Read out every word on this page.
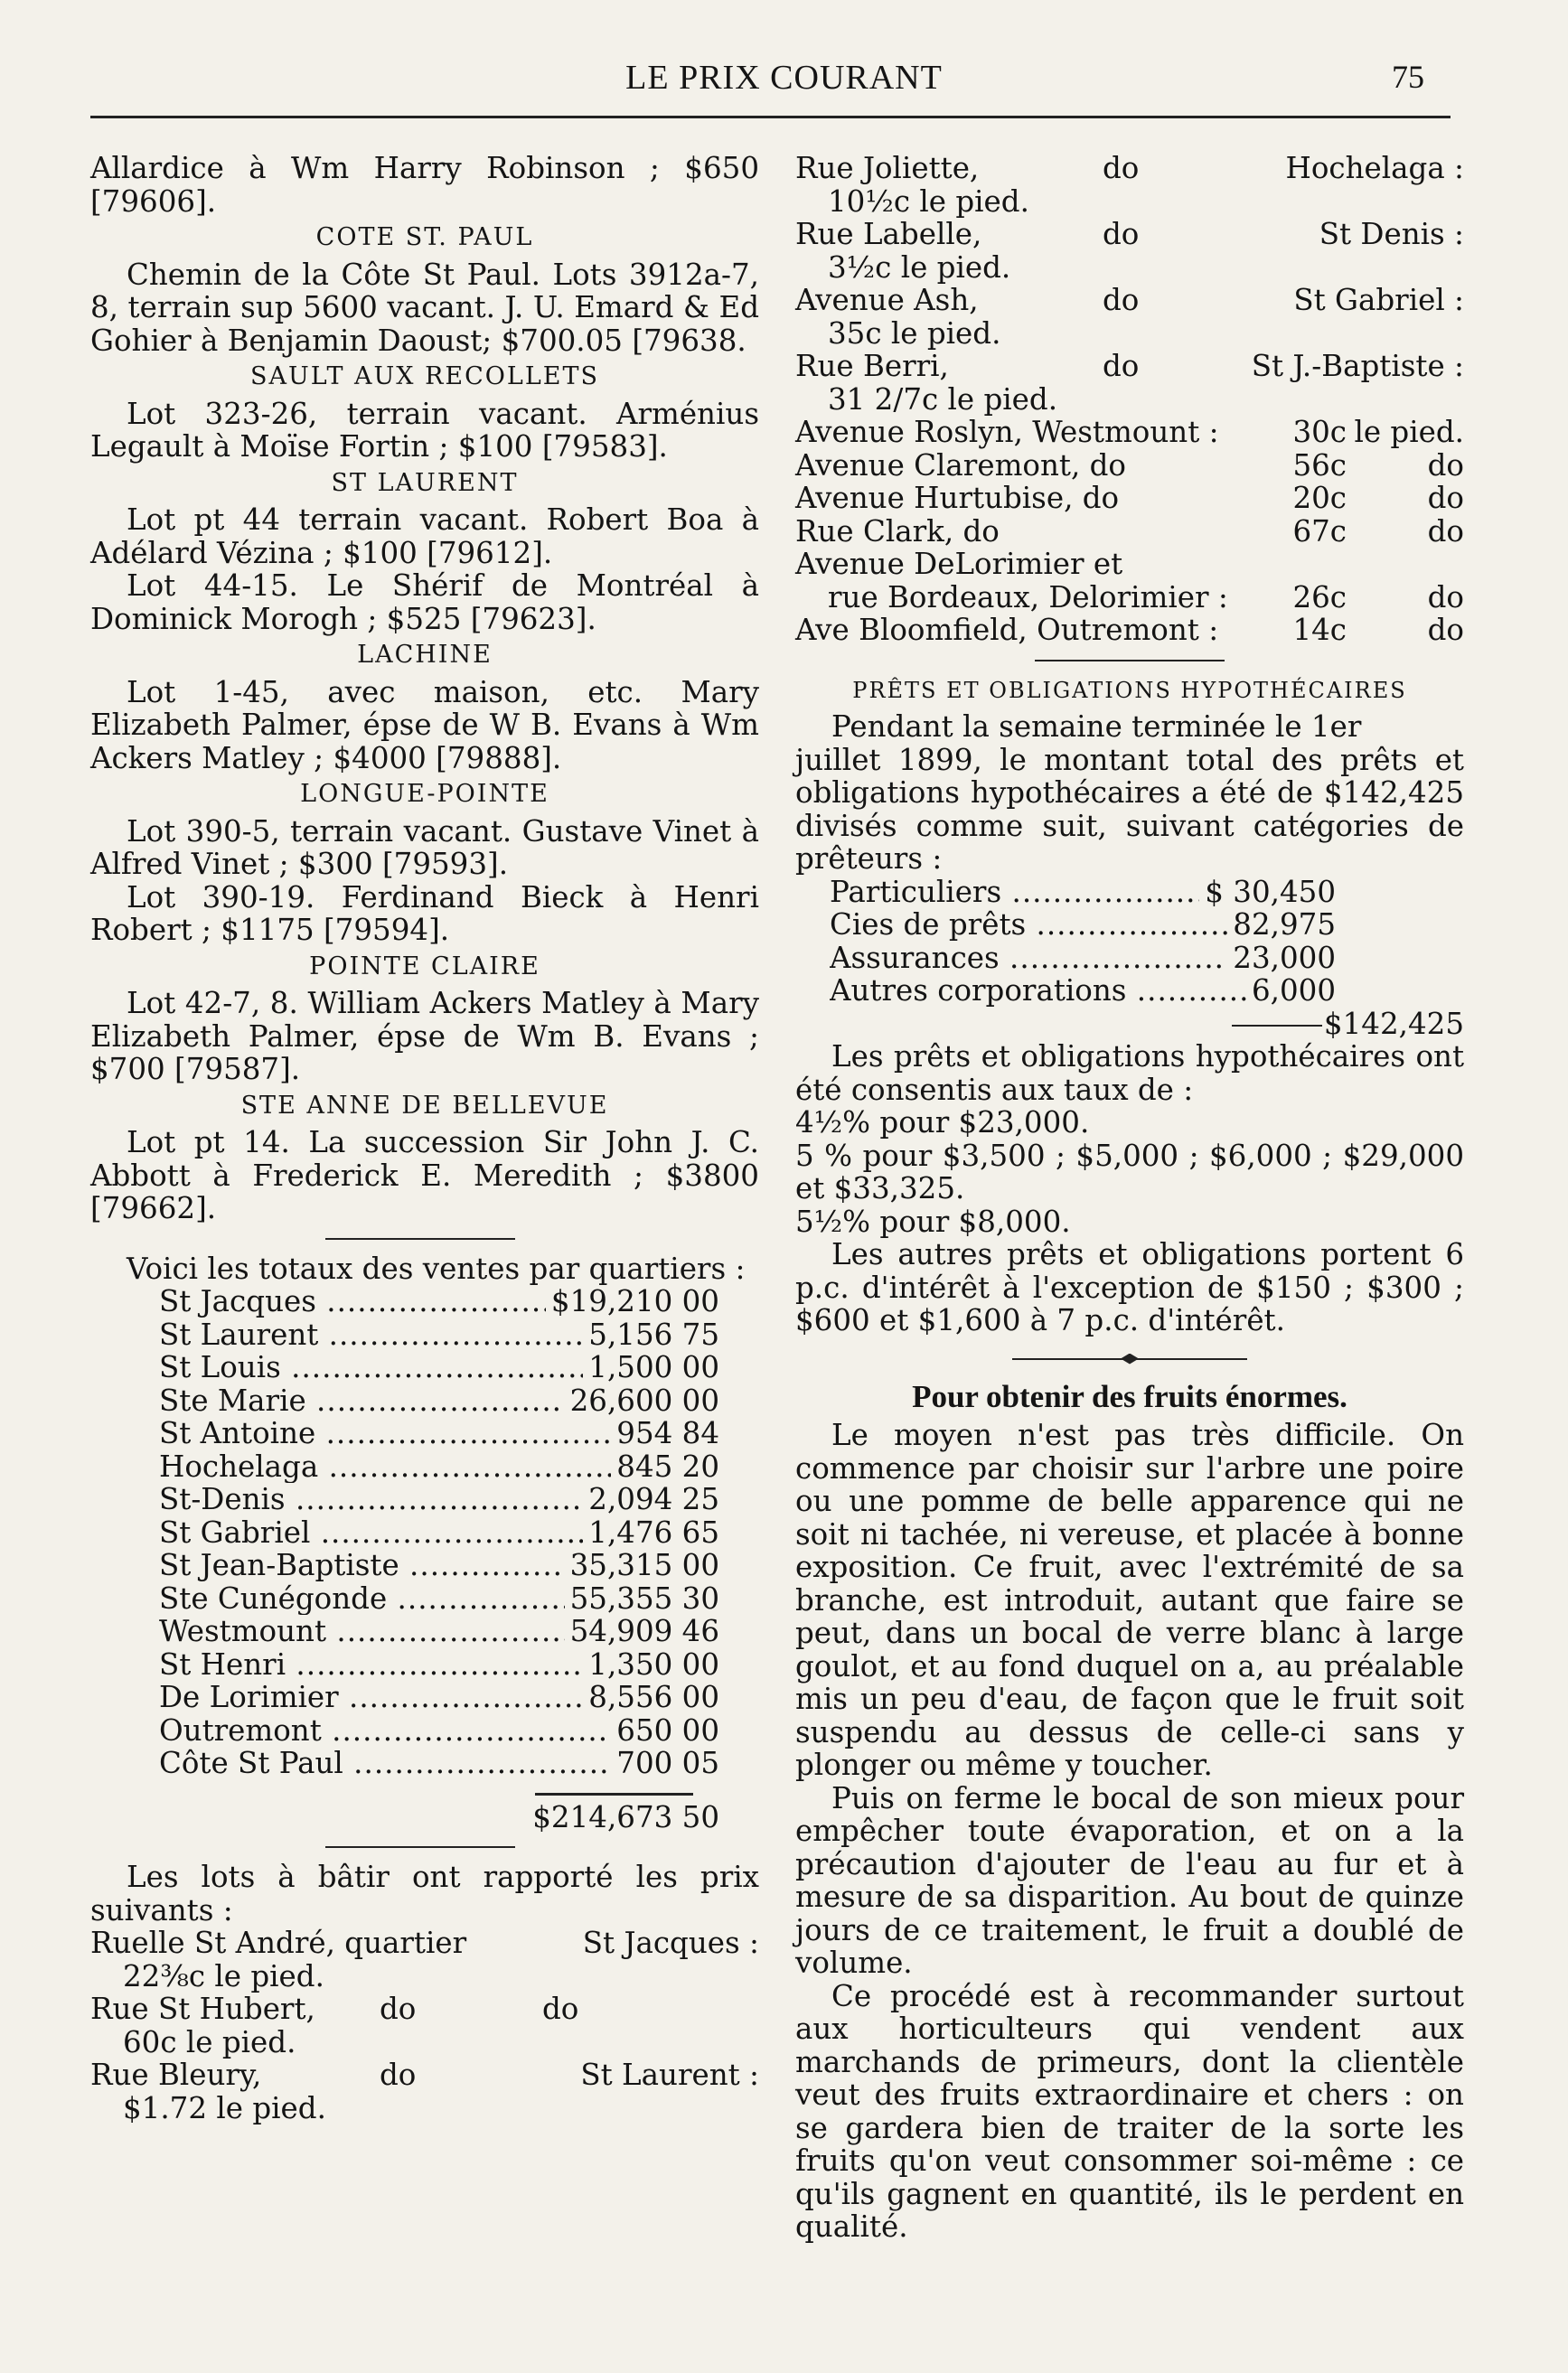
LE PRIX COURANT	75

Allardice à Wm Harry Robinson ; $650 [79606].

COTE ST. PAUL

Chemin de la Côte St Paul. Lots 3912a-7, 8, terrain sup 5600 vacant. J. U. Emard & Ed Gohier à Benjamin Daoust; $700.05 [79638.

SAULT AUX RECOLLETS

Lot 323-26, terrain vacant. Arménius Legault à Moïse Fortin ; $100 [79583].

ST LAURENT

Lot pt 44 terrain vacant. Robert Boa à Adélard Vézina ; $100 [79612].

Lot 44-15. Le Shérif de Montréal à Dominick Morogh ; $525 [79623].

LACHINE

Lot 1-45, avec maison, etc. Mary Elizabeth Palmer, épse de W B. Evans à Wm Ackers Matley ; $4000 [79888].

LONGUE-POINTE

Lot 390-5, terrain vacant. Gustave Vinet à Alfred Vinet ; $300 [79593].

Lot 390-19. Ferdinand Bieck à Henri Robert ; $1175 [79594].

POINTE CLAIRE

Lot 42-7, 8. William Ackers Matley à Mary Elizabeth Palmer, épse de Wm B. Evans ; $700 [79587].

STE ANNE DE BELLEVUE

Lot pt 14. La succession Sir John J. C. Abbott à Frederick E. Meredith ; $3800 [79662].

Voici les totaux des ventes par quartiers :

St Jacques .....	$19,210 00
St Laurent .....	5,156 75
St Louis .....	1,500 00
Ste Marie .....	26,600 00
St Antoine .....	954 84
Hochelaga .....	845 20
St-Denis .....	2,094 25
St Gabriel .....	1,476 65
St Jean-Baptiste .....	35,315 00
Ste Cunégonde .....	55,355 30
Westmount .....	54,909 46
St Henri .....	1,350 00
De Lorimier .....	8,556 00
Outremont .....	650 00
Côte St Paul .....	700 05
$214,673 50

Les lots à bâtir ont rapporté les prix suivants :

Ruelle St André, quartier	St Jacques :
22⅜c le pied.
Rue St Hubert,	do	do
60c le pied.
Rue Bleury,	do	St Laurent :
$1.72 le pied.
Rue Joliette,	do	Hochelaga :
10½c le pied.
Rue Labelle,	do	St Denis :
3½c le pied.
Avenue Ash,	do	St Gabriel :
35c le pied.
Rue Berri,	do	St J.-Baptiste :
31 2/7c le pied.
Avenue Roslyn, Westmount :	30c le pied.
Avenue Claremont, do	56c	do
Avenue Hurtubise, do	20c	do
Rue Clark, do	67c	do
Avenue DeLorimier et
rue Bordeaux, Delorimier :	26c	do
Ave Bloomfield, Outremont :	14c	do
PRÊTS ET OBLIGATIONS HYPOTHÉCAIRES

Pendant la semaine terminée le 1er

juillet 1899, le montant total des prêts et obligations hypothécaires a été de $142,425 divisés comme suit, suivant catégories de prêteurs :

Particuliers .....	$ 30,450
Cies de prêts .....	82,975
Assurances .....	23,000
Autres corporations .....	6,000
$142,425

Les prêts et obligations hypothécaires ont été consentis aux taux de :

4½% pour $23,000.

5 % pour $3,500 ; $5,000 ; $6,000 ; $29,000 et $33,325.

5½% pour $8,000.

Les autres prêts et obligations portent 6 p.c. d'intérêt à l'exception de $150 ; $300 ; $600 et $1,600 à 7 p.c. d'intérêt.

Pour obtenir des fruits énormes.

Le moyen n'est pas très difficile. On commence par choisir sur l'arbre une poire ou une pomme de belle apparence qui ne soit ni tachée, ni vereuse, et placée à bonne exposition. Ce fruit, avec l'extrémité de sa branche, est introduit, autant que faire se peut, dans un bocal de verre blanc à large goulot, et au fond duquel on a, au préalable mis un peu d'eau, de façon que le fruit soit suspendu au dessus de celle-ci sans y plonger ou même y toucher.

Puis on ferme le bocal de son mieux pour empêcher toute évaporation, et on a la précaution d'ajouter de l'eau au fur et à mesure de sa disparition. Au bout de quinze jours de ce traitement, le fruit a doublé de volume.

Ce procédé est à recommander surtout aux horticulteurs qui vendent aux marchands de primeurs, dont la clientèle veut des fruits extraordinaire et chers : on se gardera bien de traiter de la sorte les fruits qu'on veut consommer soi-même : ce qu'ils gagnent en quantité, ils le perdent en qualité.
